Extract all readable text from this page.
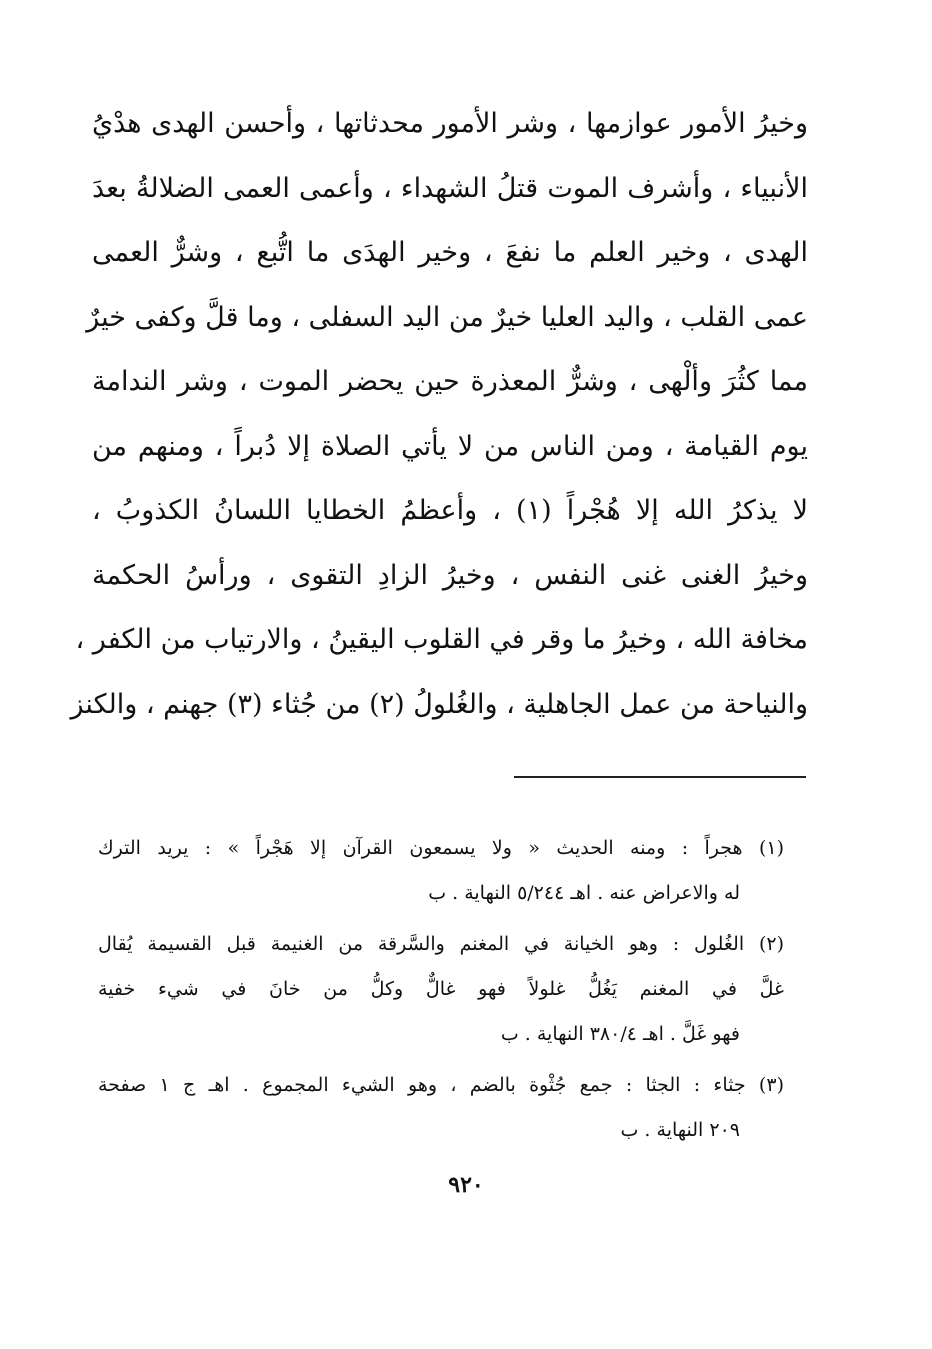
وخيرُ الأمور عوازمها ، وشر الأمور محدثاتها ، وأحسن الهدى هدْيُ
الأنبياء ، وأشرف الموت قتلُ الشهداء ، وأعمى العمى الضلالةُ بعدَ
الهدى ، وخير العلم ما نفعَ ، وخير الهدَى ما اتُّبع ، وشرٌّ العمى
عمى القلب ، واليد العليا خيرٌ من اليد السفلى ، وما قلَّ وكفى خيرٌ
مما كثُرَ وألْهى ، وشرٌّ المعذرة حين يحضر الموت ، وشر الندامة
يوم القيامة ، ومن الناس من لا يأتي الصلاة إلا دُبراً ، ومنهم من
لا يذكرُ الله إلا هُجْراً (١) ، وأعظمُ الخطايا اللسانُ الكذوبُ ،
وخيرُ الغنى غنى النفس ، وخيرُ الزادِ التقوى ، ورأسُ الحكمة
مخافة الله ، وخيرُ ما وقر في القلوب اليقينُ ، والارتياب من الكفر ،
والنياحة من عمل الجاهلية ، والغُلولُ (٢) من جُثاء (٣) جهنم ، والكنز
(١) هجراً : ومنه الحديث « ولا يسمعون القرآن إلا هَجْراً » : يريد الترك
له والاعراض عنه . اهـ ٥/٢٤٤ النهاية . ب
(٢) الغُلول : وهو الخيانة في المغنم والسَّرقة من الغنيمة قبل القسيمة يُقال
غلَّ في المغنم يَغُلُّ غلولاً فهو غالٌّ وكلُّ من خانَ في شيء خفية
فهو غَلَّ . اهـ ٣٨٠/٤ النهاية . ب
(٣) جثاء : الجثا : جمع جُثْوة بالضم ، وهو الشيء المجموع . اهـ ج ١ صفحة
٢٠٩ النهاية . ب
٩٢٠
